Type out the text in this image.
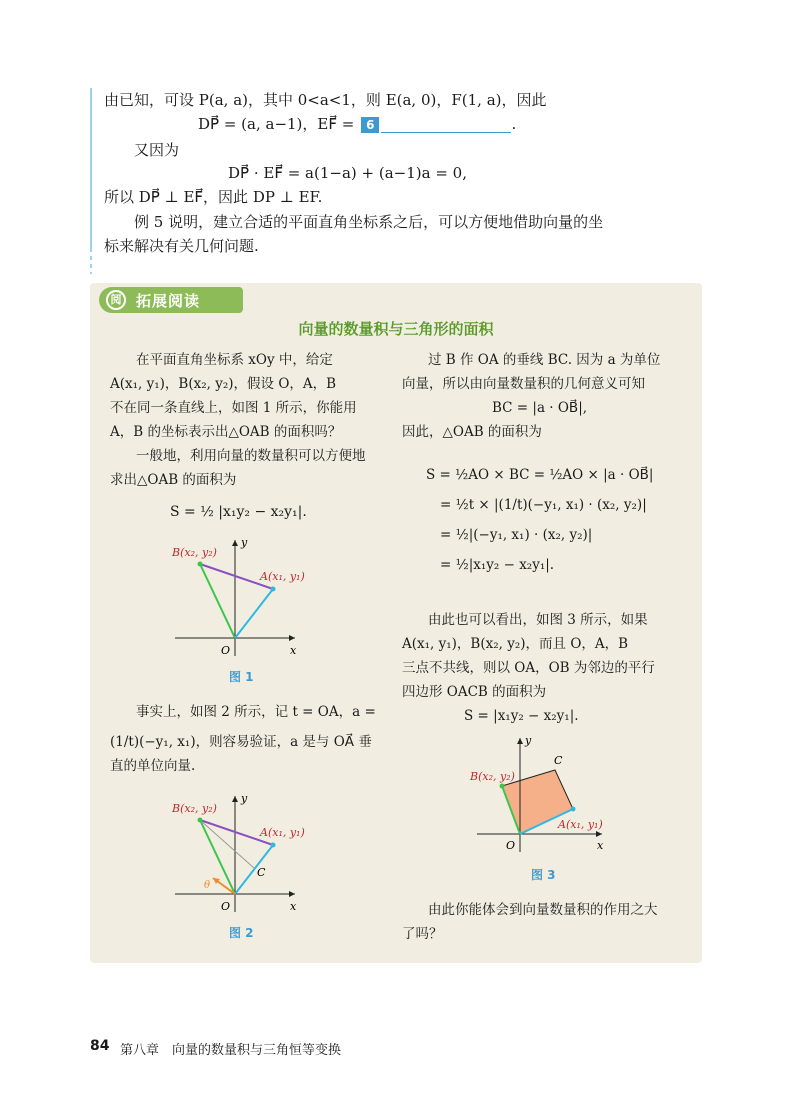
由已知，可设 P(a, a)，其中 0<a<1，则 E(a, 0)，F(1, a)，因此
DP⃗ = (a, a−1)，EF⃗ = 6	.
又因为
DP⃗ · EF⃗ = a(1−a) + (a−1)a = 0,
所以 DP⃗ ⊥ EF⃗，因此 DP ⊥ EF.
例 5 说明，建立合适的平面直角坐标系之后，可以方便地借助向量的坐
标来解决有关几何问题.
阅 拓展阅读
向量的数量积与三角形的面积
在平面直角坐标系 xOy 中，给定
A(x₁, y₁)，B(x₂, y₂)，假设 O，A，B
不在同一条直线上，如图 1 所示，你能用
A，B 的坐标表示出△OAB 的面积吗？
一般地，利用向量的数量积可以方便地
求出△OAB 的面积为
S = ½ |x₁y₂ − x₂y₁|.
B(x₂, y₂)
A(x₁, y₁)
O	x
y
图 1
事实上，如图 2 所示，记 t = OA，a =
(1/t)(−y₁, x₁)，则容易验证，a 是与 OA⃗ 垂
直的单位向量.
B(x₂, y₂)
A(x₁, y₁)
C
θ
O	x
y
图 2
过 B 作 OA 的垂线 BC. 因为 a 为单位
向量，所以由向量数量积的几何意义可知
BC = |a · OB⃗|,
因此，△OAB 的面积为
S = ½AO × BC = ½AO × |a · OB⃗|
= ½t × |(1/t)(−y₁, x₁) · (x₂, y₂)|
= ½|(−y₁, x₁) · (x₂, y₂)|
= ½|x₁y₂ − x₂y₁|.
由此也可以看出，如图 3 所示，如果
A(x₁, y₁)，B(x₂, y₂)，而且 O，A，B
三点不共线，则以 OA，OB 为邻边的平行
四边形 OACB 的面积为
S = |x₁y₂ − x₂y₁|.
B(x₂, y₂)
A(x₁, y₁)
C
O	x
y
图 3
由此你能体会到向量数量积的作用之大
了吗？
84 第八章　向量的数量积与三角恒等变换
